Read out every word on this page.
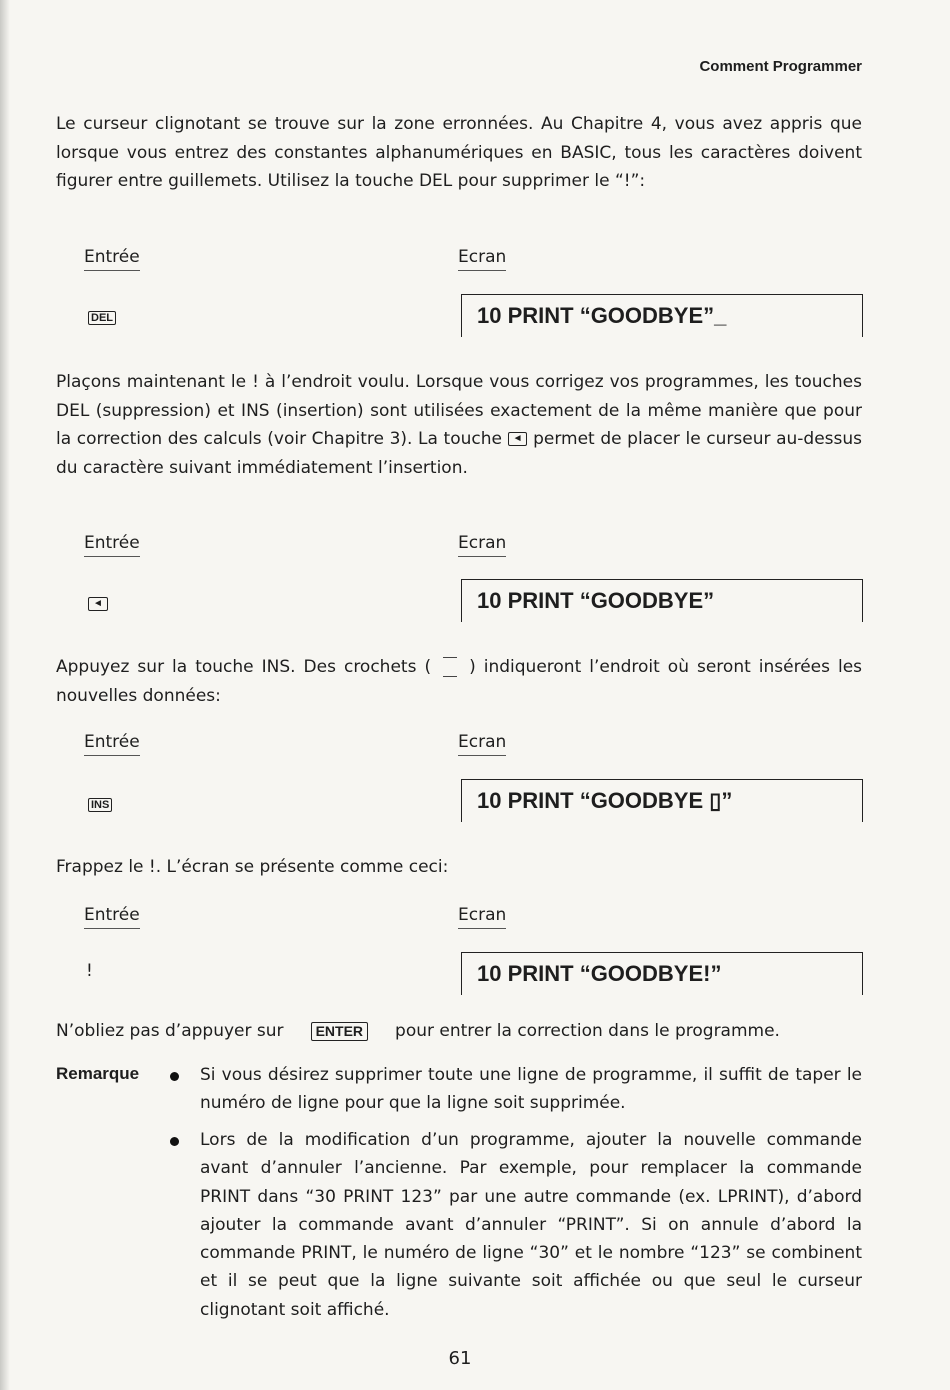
Comment Programmer

Le curseur clignotant se trouve sur la zone erronnées. Au Chapitre 4, vous avez appris que lorsque vous entrez des constantes alphanumériques en BASIC, tous les caractères doivent figurer entre guillemets. Utilisez la touche DEL pour supprimer le “!”:

Entrée	Ecran
DEL	10 PRINT “GOODBYE”_

Plaçons maintenant le ! à l’endroit voulu. Lorsque vous corrigez vos programmes, les touches DEL (suppression) et INS (insertion) sont utilisées exactement de la même manière que pour la correction des calculs (voir Chapitre 3). La touche ◄ permet de placer le curseur au-dessus du caractère suivant immédiatement l’insertion.

Entrée	Ecran
◄	10 PRINT “GOODBYE”

Appuyez sur la touche INS. Des crochets ( ) indiqueront l’endroit où seront insérées les nouvelles données:

Entrée	Ecran
INS	10 PRINT “GOODBYE ▯”

Frappez le !. L’écran se présente comme ceci:

Entrée	Ecran
!	10 PRINT “GOODBYE!”

N’obliez pas d’appuyer sur ENTER pour entrer la correction dans le programme.

Remarque	Si vous désirez supprimer toute une ligne de programme, il suffit de taper le numéro de ligne pour que la ligne soit supprimée.

Lors de la modification d’un programme, ajouter la nouvelle commande avant d’annuler l’ancienne. Par exemple, pour remplacer la commande PRINT dans “30 PRINT 123” par une autre commande (ex. LPRINT), d’abord ajouter la commande avant d’annuler “PRINT”. Si on annule d’abord la commande PRINT, le numéro de ligne “30” et le nombre “123” se combinent et il se peut que la ligne suivante soit affichée ou que seul le curseur clignotant soit affiché.

61
